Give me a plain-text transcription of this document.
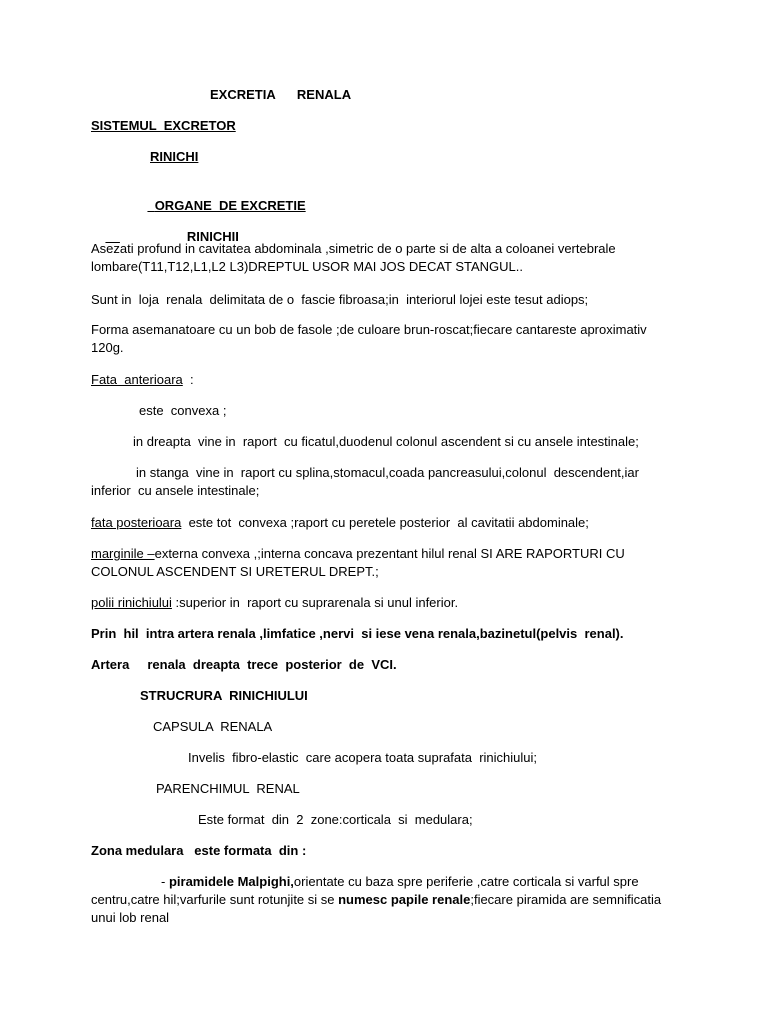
EXCRETIA      RENALA
SISTEMUL  EXCRETOR
RINICHI

ORGANE  DE EXCRETIE

RINICHII

Asezati profund in cavitatea abdominala ,simetric de o parte si de alta a coloanei vertebrale lombare(T11,T12,L1,L2 L3)DREPTUL USOR MAI JOS DECAT STANGUL..
Sunt in  loja  renala  delimitata de o  fascie fibroasa;in  interiorul lojei este tesut adiops;
Forma asemanatoare cu un bob de fasole ;de culoare brun-roscat;fiecare cantareste aproximativ 120g.
Fata  anterioara  :
este  convexa ;
in dreapta  vine in  raport  cu ficatul,duodenul colonul ascendent si cu ansele intestinale;
in stanga  vine in  raport cu splina,stomacul,coada pancreasului,colonul  descendent,iar
inferior  cu ansele intestinale;
fata posterioara  este tot  convexa ;raport cu peretele posterior  al cavitatii abdominale;
marginile –externa convexa ,;interna concava prezentant hilul renal SI ARE RAPORTURI CU COLONUL ASCENDENT SI URETERUL DREPT.;
polii rinichiului :superior in  raport cu suprarenala si unul inferior.
Prin  hil  intra artera renala ,limfatice ,nervi  si iese vena renala,bazinetul(pelvis  renal).
Artera     renala  dreapta  trece  posterior  de  VCI.
STRUCRURA  RINICHIULUI
CAPSULA  RENALA
Invelis  fibro-elastic  care acopera toata suprafata  rinichiului;
PARENCHIMUL  RENAL
Este format  din  2  zone:corticala  si  medulara;
Zona medulara   este formata  din :
- piramidele Malpighi,orientate cu baza spre periferie ,catre corticala si varful spre centru,catre hil;varfurile sunt rotunjite si se numesc papile renale;fiecare piramida are semnificatia unui lob renal
